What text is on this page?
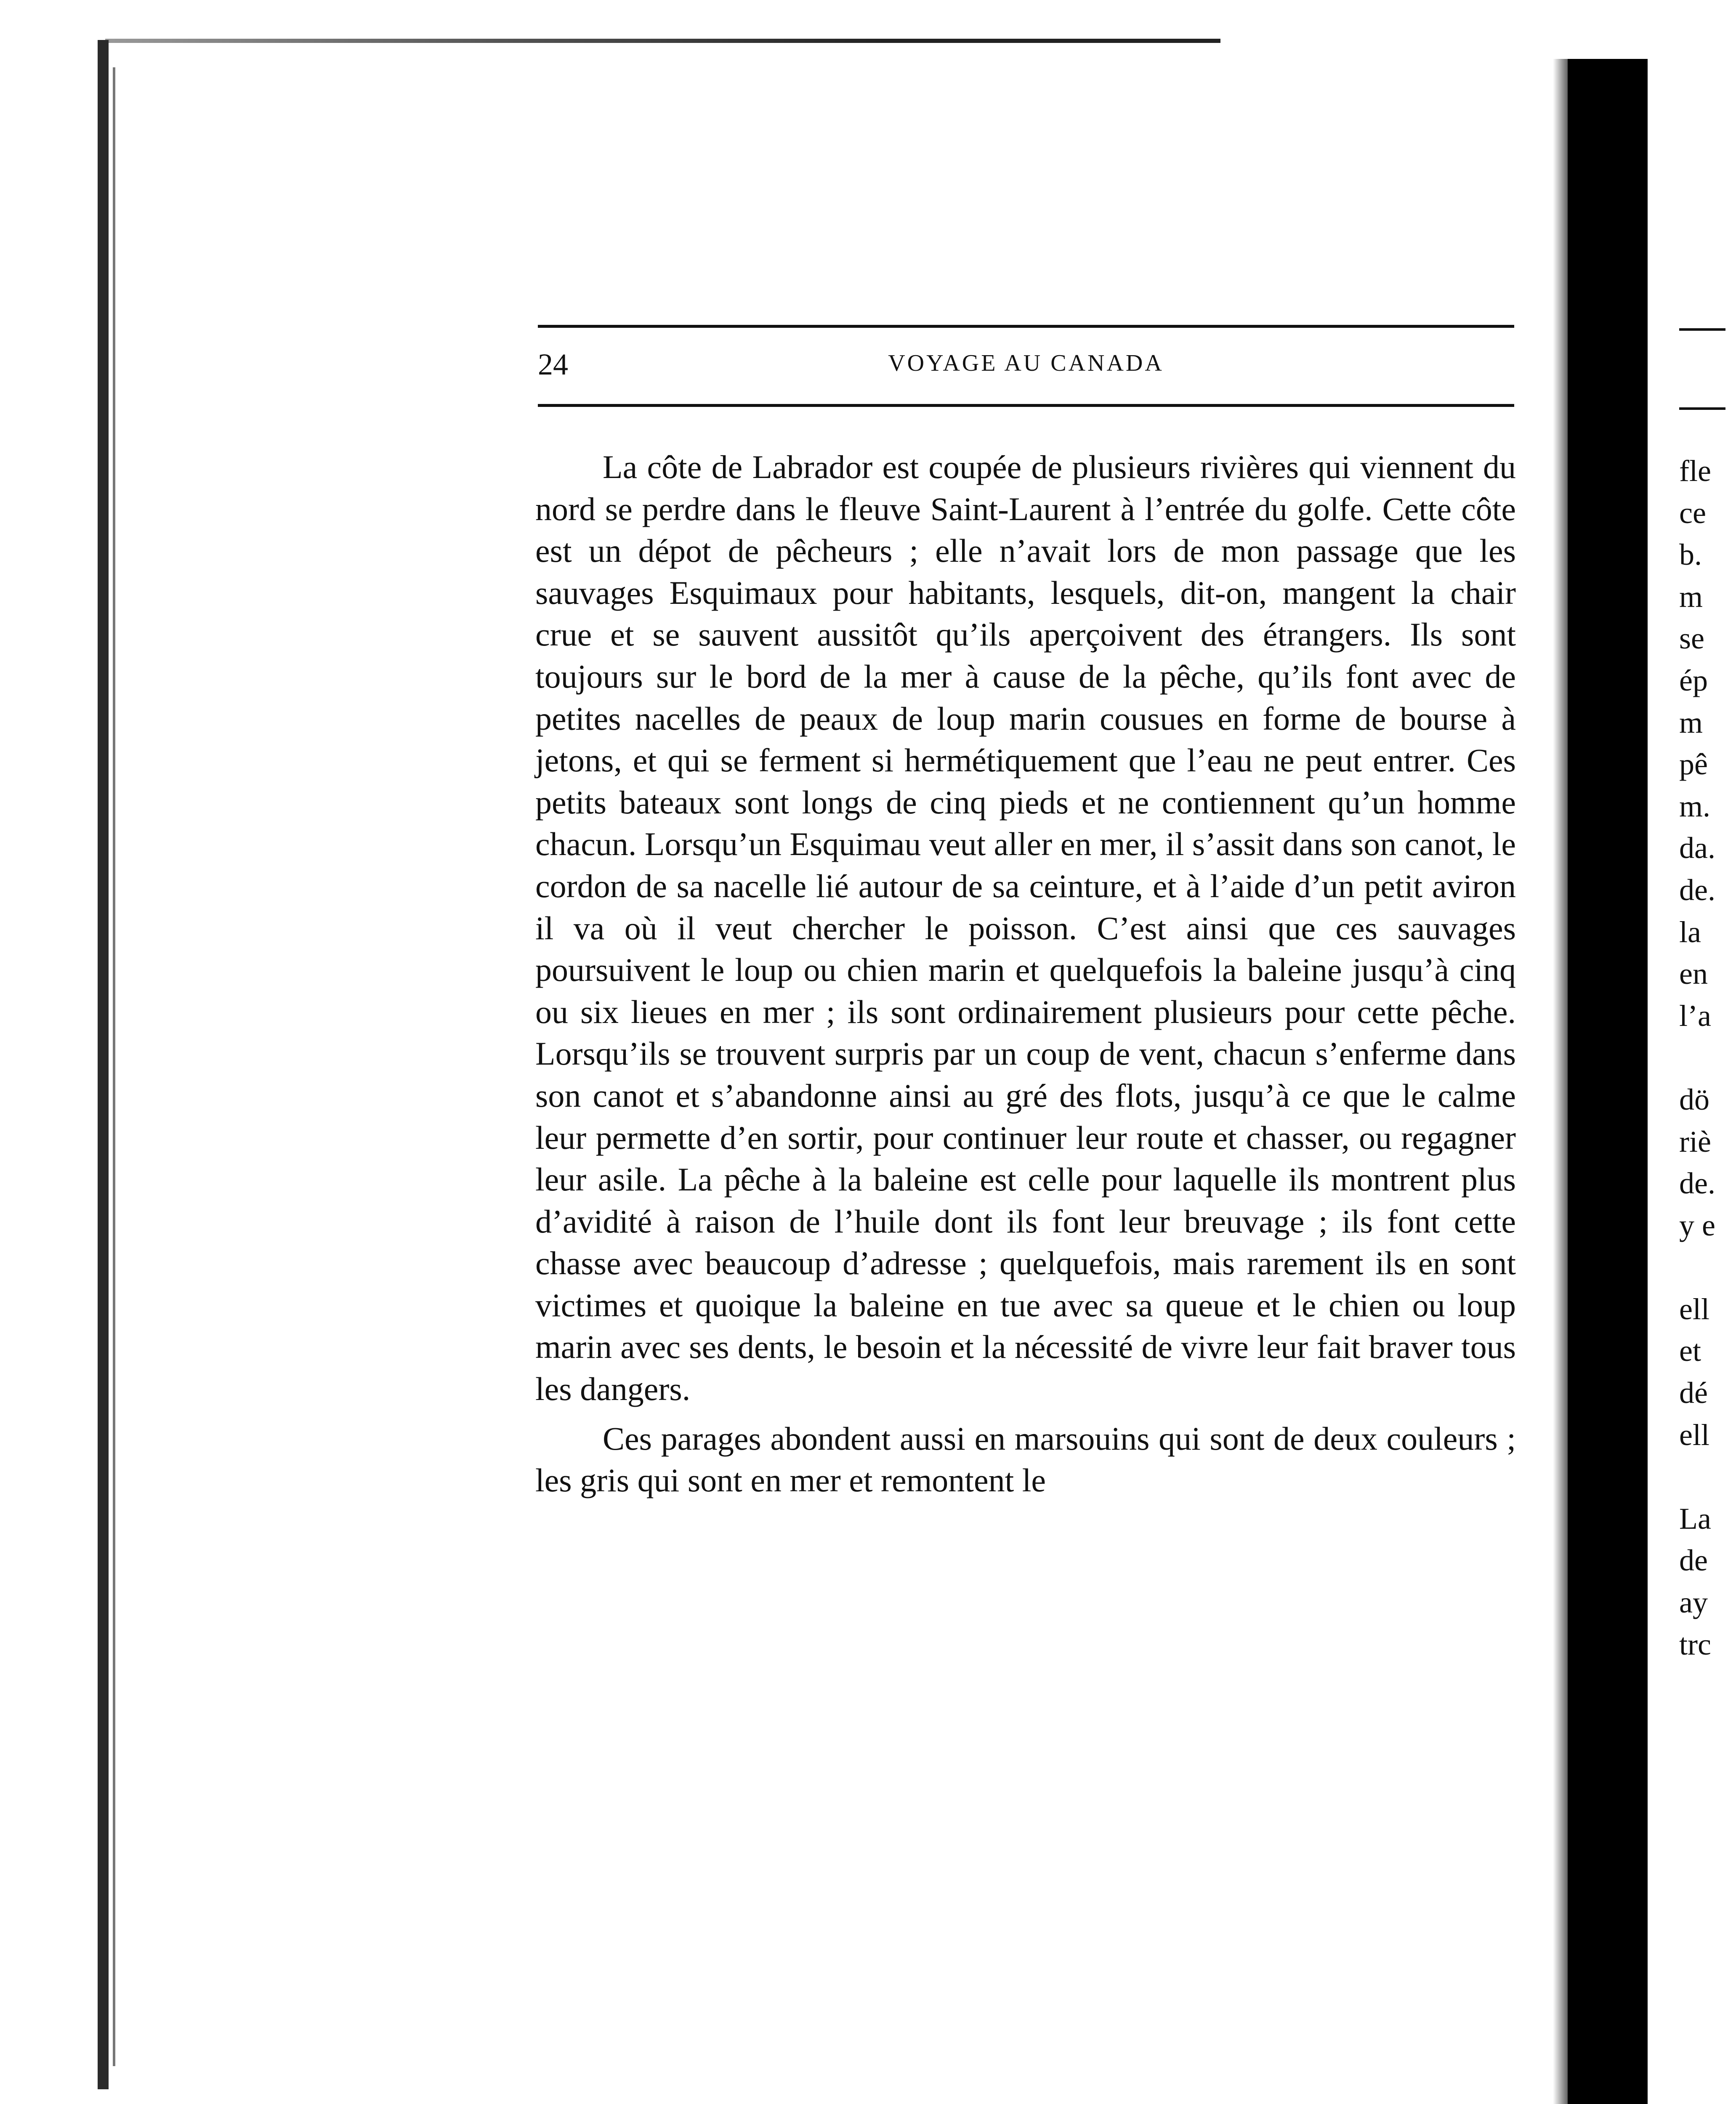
24	VOYAGE AU CANADA

La côte de Labrador est coupée de plusieurs rivières qui viennent du nord se perdre dans le fleuve Saint-Laurent à l’entrée du golfe. Cette côte est un dépot de pêcheurs ; elle n’avait lors de mon passage que les sauvages Esquimaux pour habitants, lesquels, dit-on, mangent la chair crue et se sauvent aussitôt qu’ils aperçoivent des étrangers. Ils sont toujours sur le bord de la mer à cause de la pêche, qu’ils font avec de petites nacelles de peaux de loup marin cousues en forme de bourse à jetons, et qui se ferment si hermétiquement que l’eau ne peut entrer. Ces petits bateaux sont longs de cinq pieds et ne contiennent qu’un homme chacun. Lorsqu’un Esquimau veut aller en mer, il s’assit dans son canot, le cordon de sa nacelle lié autour de sa ceinture, et à l’aide d’un petit aviron il va où il veut chercher le poisson. C’est ainsi que ces sauvages poursuivent le loup ou chien marin et quelquefois la baleine jusqu’à cinq ou six lieues en mer ; ils sont ordinairement plusieurs pour cette pêche. Lorsqu’ils se trouvent surpris par un coup de vent, chacun s’enferme dans son canot et s’abandonne ainsi au gré des flots, jusqu’à ce que le calme leur permette d’en sortir, pour continuer leur route et chasser, ou regagner leur asile. La pêche à la baleine est celle pour laquelle ils montrent plus d’avidité à raison de l’huile dont ils font leur breuvage ; ils font cette chasse avec beaucoup d’adresse ; quelquefois, mais rarement ils en sont victimes et quoique la baleine en tue avec sa queue et le chien ou loup marin avec ses dents, le besoin et la nécessité de vivre leur fait braver tous les dangers.

Ces parages abondent aussi en marsouins qui sont de deux couleurs ; les gris qui sont en mer et remontent le

fle
ce
b.
m
se
ép
m
pê
m.
da.
de.
la
en
l’a
dö
riè
de.
y e
ell
et
dé
ell
La
de
ay
trc
